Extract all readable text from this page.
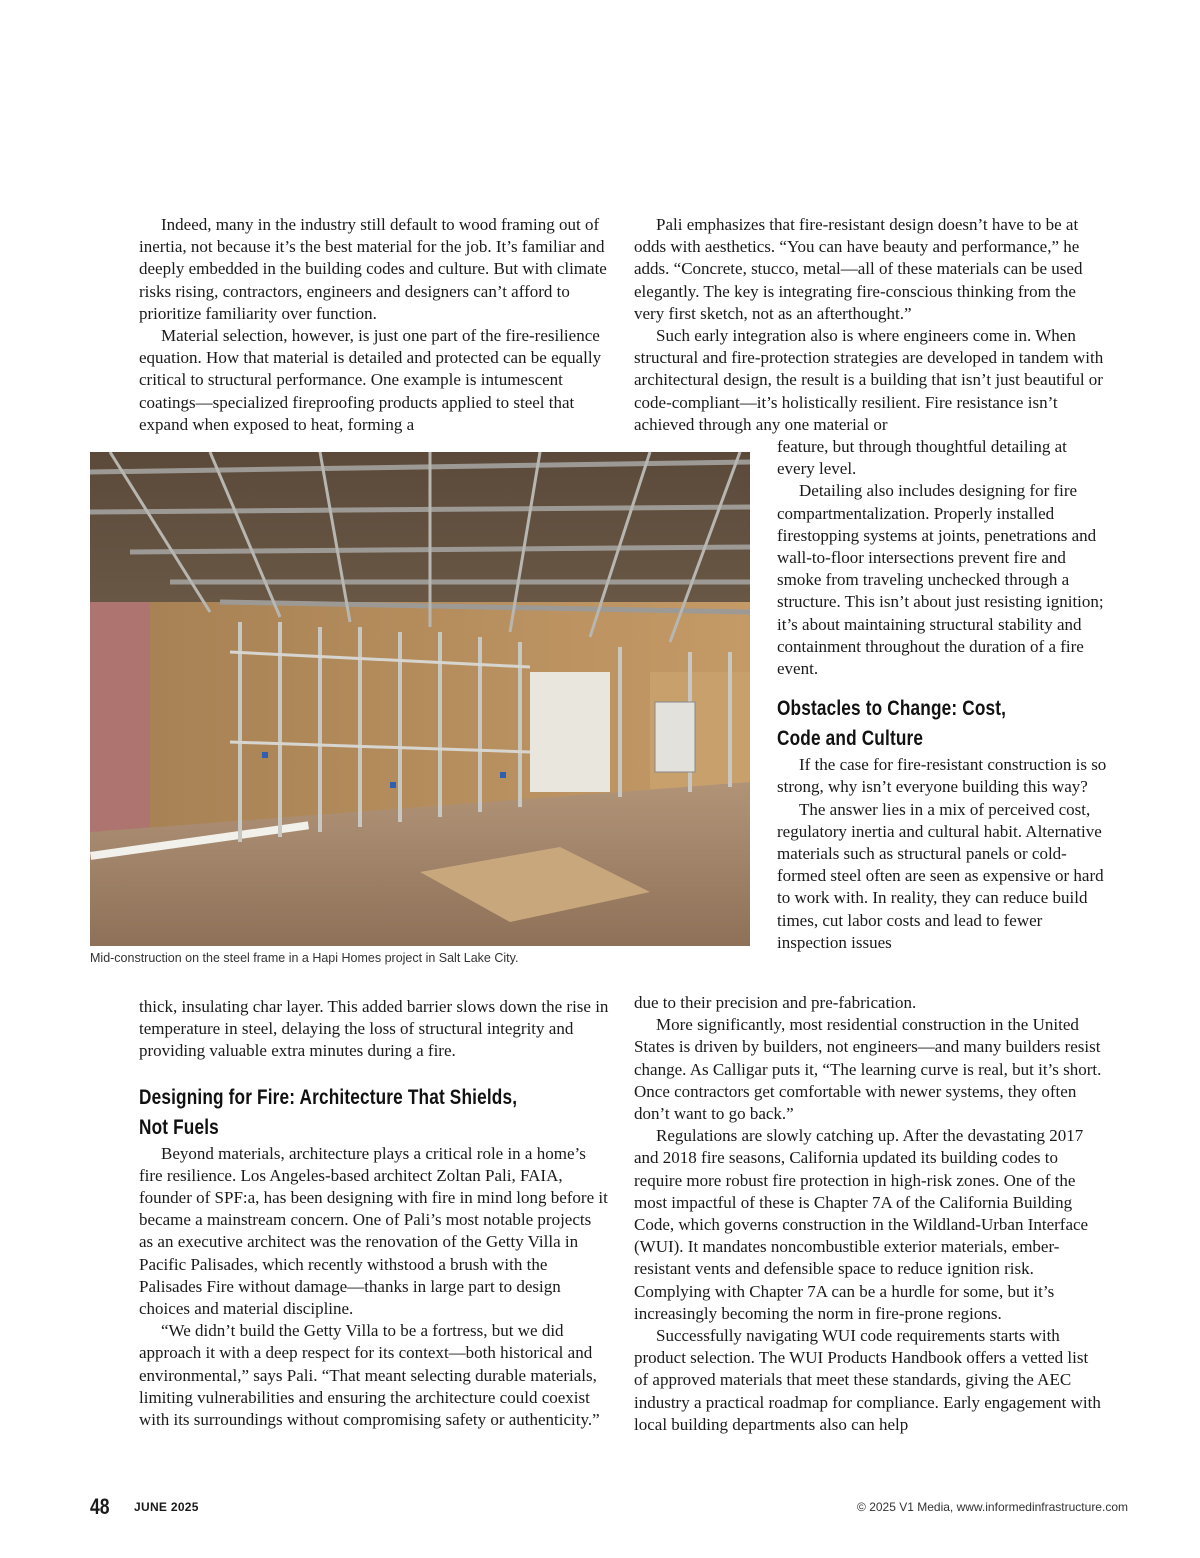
Indeed, many in the industry still default to wood framing out of inertia, not because it’s the best material for the job. It’s familiar and deeply embedded in the building codes and culture. But with climate risks rising, contractors, engineers and designers can’t afford to prioritize familiarity over function.

Material selection, however, is just one part of the fire-resilience equation. How that material is detailed and protected can be equally critical to structural performance. One example is intumescent coatings—specialized fireproofing products applied to steel that expand when exposed to heat, forming a

Pali emphasizes that fire-resistant design doesn’t have to be at odds with aesthetics. “You can have beauty and performance,” he adds. “Concrete, stucco, metal—all of these materials can be used elegantly. The key is integrating fire-conscious thinking from the very first sketch, not as an afterthought.”

Such early integration also is where engineers come in. When structural and fire-protection strategies are developed in tandem with architectural design, the result is a building that isn’t just beautiful or code-compliant—it’s holistically resilient. Fire resistance isn’t achieved through any one material or

Mid-construction on the steel frame in a Hapi Homes project in Salt Lake City.

feature, but through thoughtful detailing at every level.

Detailing also includes designing for fire compartmentalization. Properly installed firestopping systems at joints, penetrations and wall-to-floor intersections prevent fire and smoke from traveling unchecked through a structure. This isn’t about just resisting ignition; it’s about maintaining structural stability and containment throughout the duration of a fire event.

Obstacles to Change: Cost, Code and Culture

If the case for fire-resistant construction is so strong, why isn’t everyone building this way?

The answer lies in a mix of perceived cost, regulatory inertia and cultural habit. Alternative materials such as structural panels or cold-formed steel often are seen as expensive or hard to work with. In reality, they can reduce build times, cut labor costs and lead to fewer inspection issues

thick, insulating char layer. This added barrier slows down the rise in temperature in steel, delaying the loss of structural integrity and providing valuable extra minutes during a fire.

Designing for Fire: Architecture That Shields, Not Fuels

Beyond materials, architecture plays a critical role in a home’s fire resilience. Los Angeles-based architect Zoltan Pali, FAIA, founder of SPF:a, has been designing with fire in mind long before it became a mainstream concern. One of Pali’s most notable projects as an executive architect was the renovation of the Getty Villa in Pacific Palisades, which recently withstood a brush with the Palisades Fire without damage—thanks in large part to design choices and material discipline.

“We didn’t build the Getty Villa to be a fortress, but we did approach it with a deep respect for its context—both historical and environmental,” says Pali. “That meant selecting durable materials, limiting vulnerabilities and ensuring the architecture could coexist with its surroundings without compromising safety or authenticity.”

due to their precision and pre-fabrication.

More significantly, most residential construction in the United States is driven by builders, not engineers—and many builders resist change. As Calligar puts it, “The learning curve is real, but it’s short. Once contractors get comfortable with newer systems, they often don’t want to go back.”

Regulations are slowly catching up. After the devastating 2017 and 2018 fire seasons, California updated its building codes to require more robust fire protection in high-risk zones. One of the most impactful of these is Chapter 7A of the California Building Code, which governs construction in the Wildland-Urban Interface (WUI). It mandates noncombustible exterior materials, ember-resistant vents and defensible space to reduce ignition risk. Complying with Chapter 7A can be a hurdle for some, but it’s increasingly becoming the norm in fire-prone regions.

Successfully navigating WUI code requirements starts with product selection. The WUI Products Handbook offers a vetted list of approved materials that meet these standards, giving the AEC industry a practical roadmap for compliance. Early engagement with local building departments also can help

48 JUNE 2025	© 2025 V1 Media, www.informedinfrastructure.com
